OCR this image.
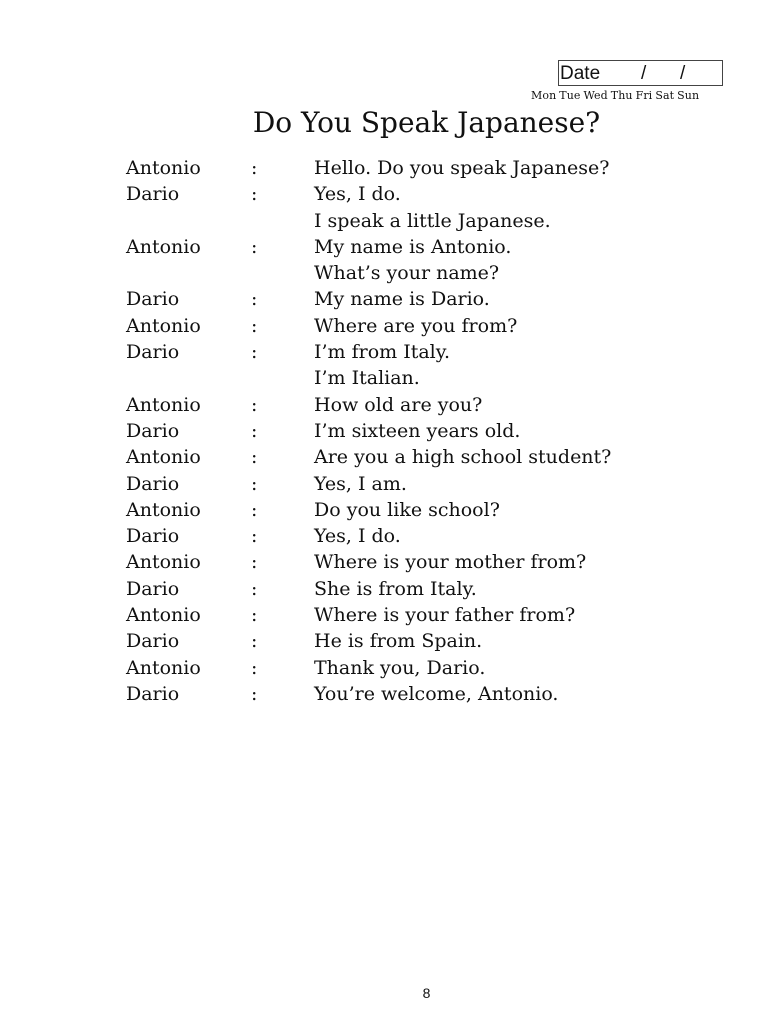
Date / /
Mon Tue Wed Thu Fri Sat Sun
Do You Speak Japanese?
Antonio	:	Hello. Do you speak Japanese?
Dario	:	Yes, I do.
I speak a little Japanese.
Antonio	:	My name is Antonio.
What’s your name?
Dario	:	My name is Dario.
Antonio	:	Where are you from?
Dario	:	I’m from Italy.
I’m Italian.
Antonio	:	How old are you?
Dario	:	I’m sixteen years old.
Antonio	:	Are you a high school student?
Dario	:	Yes, I am.
Antonio	:	Do you like school?
Dario	:	Yes, I do.
Antonio	:	Where is your mother from?
Dario	:	She is from Italy.
Antonio	:	Where is your father from?
Dario	:	He is from Spain.
Antonio	:	Thank you, Dario.
Dario	:	You’re welcome, Antonio.
8
